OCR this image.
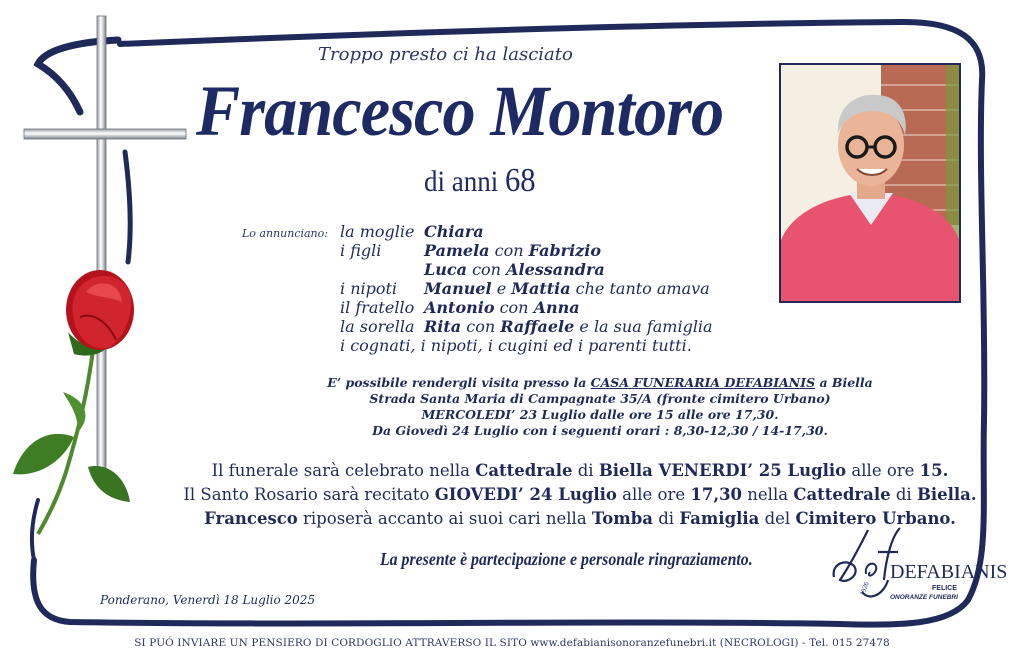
Troppo presto ci ha lasciato
Francesco Montoro
di anni 68
Lo annunciano: la moglie Chiara
i figli	Pamela con Fabrizio
Luca con Alessandra
i nipoti Manuel e Mattia che tanto amava
il fratello Antonio con Anna
la sorella Rita con Raffaele e la sua famiglia
i cognati, i nipoti, i cugini ed i parenti tutti.
E’ possibile rendergli visita presso la CASA FUNERARIA DEFABIANIS a Biella
Strada Santa Maria di Campagnate 35/A (fronte cimitero Urbano)
MERCOLEDI’ 23 Luglio dalle ore 15 alle ore 17,30.
Da Giovedì 24 Luglio con i seguenti orari : 8,30-12,30 / 14-17,30.
Il funerale sarà celebrato nella Cattedrale di Biella VENERDI’ 25 Luglio alle ore 15.
Il Santo Rosario sarà recitato GIOVEDI’ 24 Luglio alle ore 17,30 nella Cattedrale di Biella.
Francesco riposerà accanto ai suoi cari nella Tomba di Famiglia del Cimitero Urbano.
La presente è partecipazione e personale ringraziamento.
Ponderano, Venerdì 18 Luglio 2025
DEFABIANIS
FELICE
ONORANZE FUNEBRI
1926
SI PUÓ INVIARE UN PENSIERO DI CORDOGLIO ATTRAVERSO IL SITO www.defabianisonoranzefunebri.it (NECROLOGI) - Tel. 015 27478
